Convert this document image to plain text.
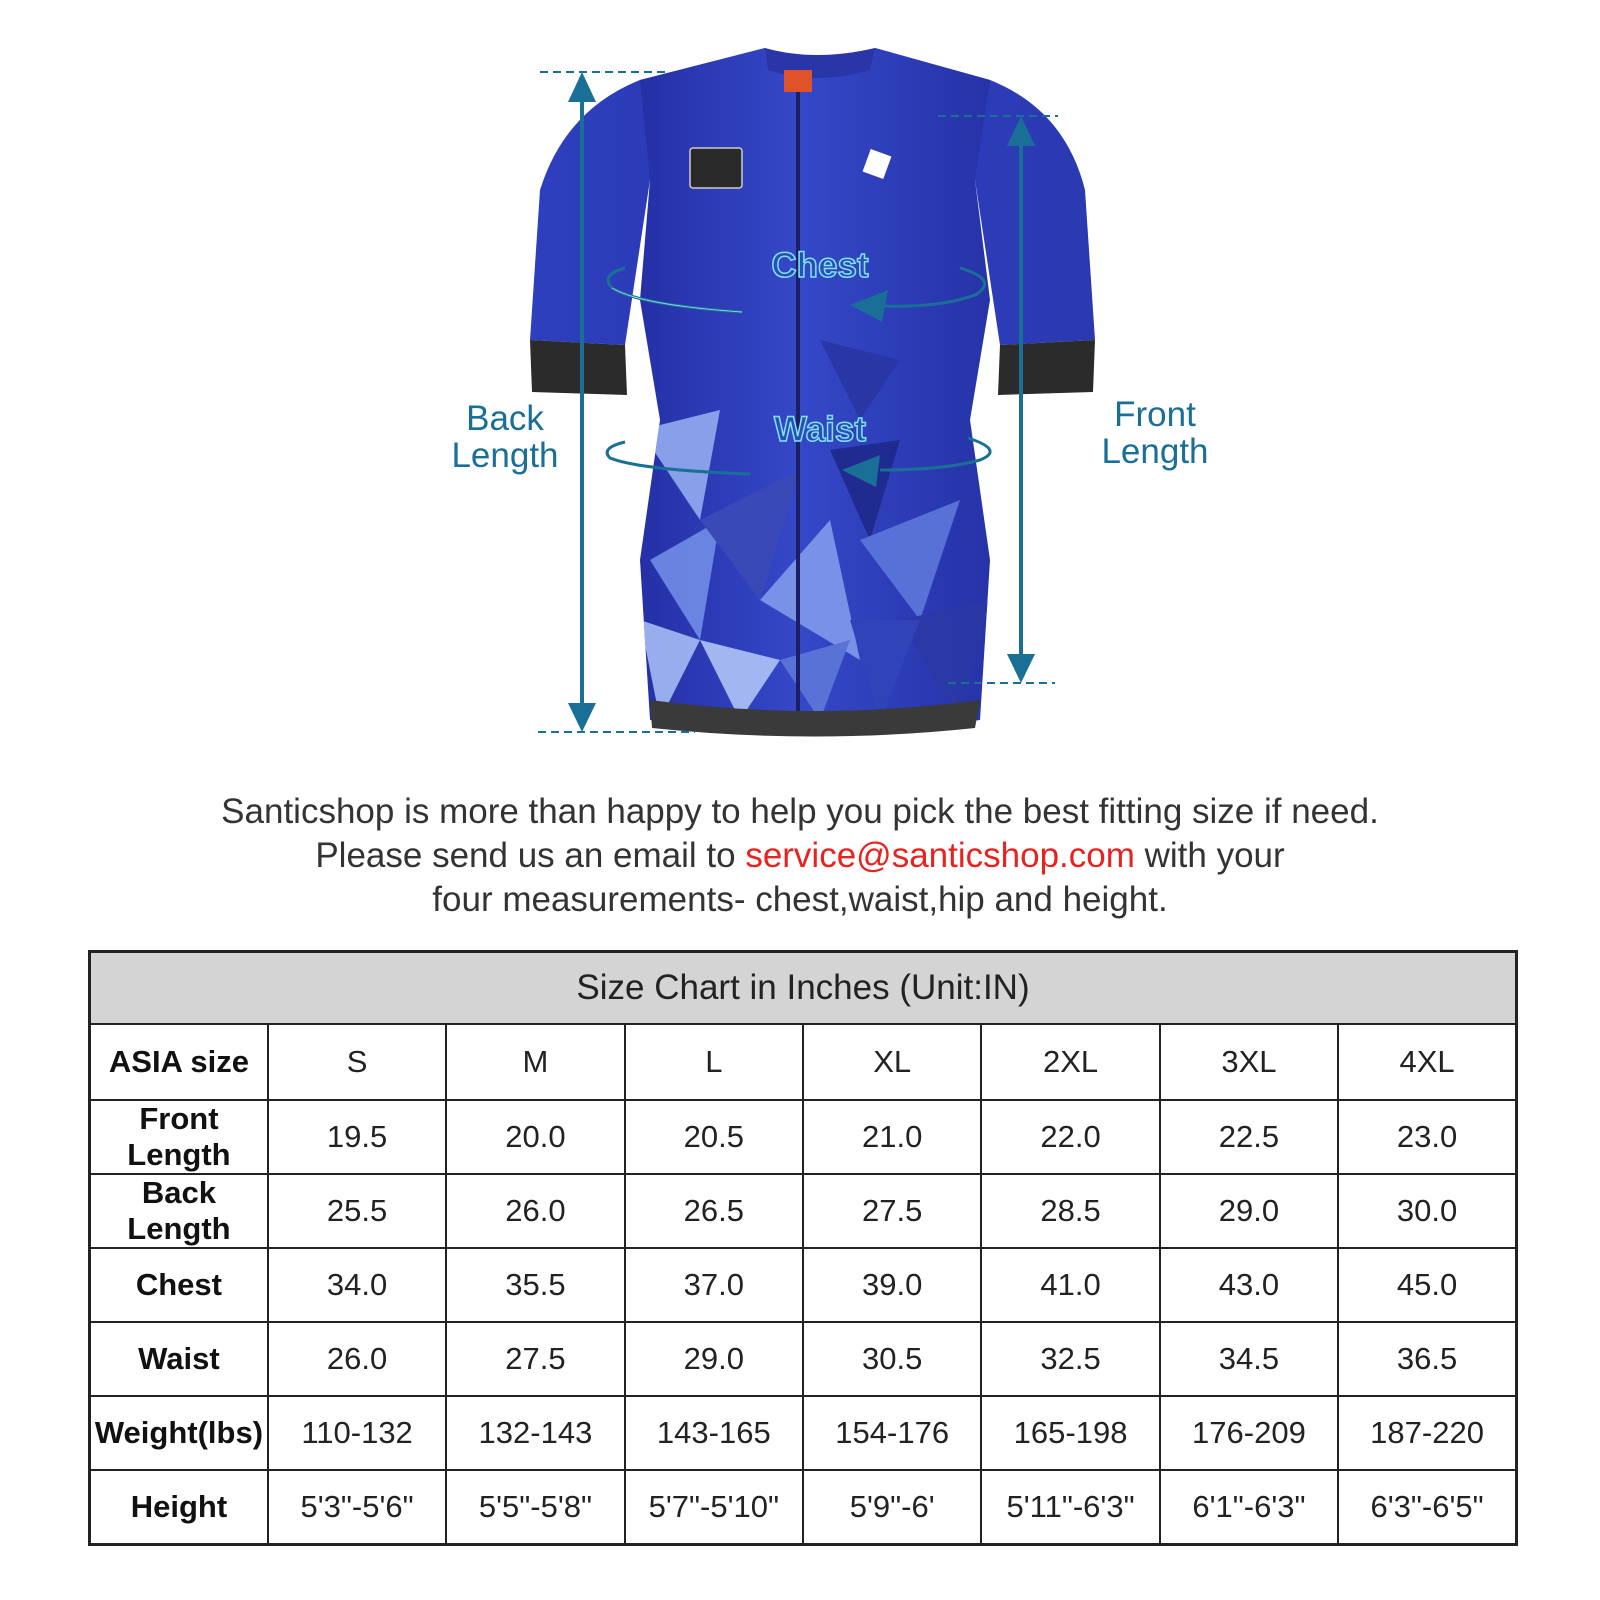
Back
Length
Front
Length
Chest
Waist
Santicshop is more than happy to help you pick the best fitting size if need.
Please send us an email to service@santicshop.com with your
four measurements- chest,waist,hip and height.
Size Chart in Inches (Unit:IN)							
ASIA size	S	M	L	XL	2XL	3XL	4XL
Front Length	19.5	20.0	20.5	21.0	22.0	22.5	23.0
Back Length	25.5	26.0	26.5	27.5	28.5	29.0	30.0
Chest	34.0	35.5	37.0	39.0	41.0	43.0	45.0
Waist	26.0	27.5	29.0	30.5	32.5	34.5	36.5
Weight(lbs)	110-132	132-143	143-165	154-176	165-198	176-209	187-220
Height	5'3"-5'6"	5'5"-5'8"	5'7"-5'10"	5'9"-6'	5'11"-6'3"	6'1"-6'3"	6'3"-6'5"
